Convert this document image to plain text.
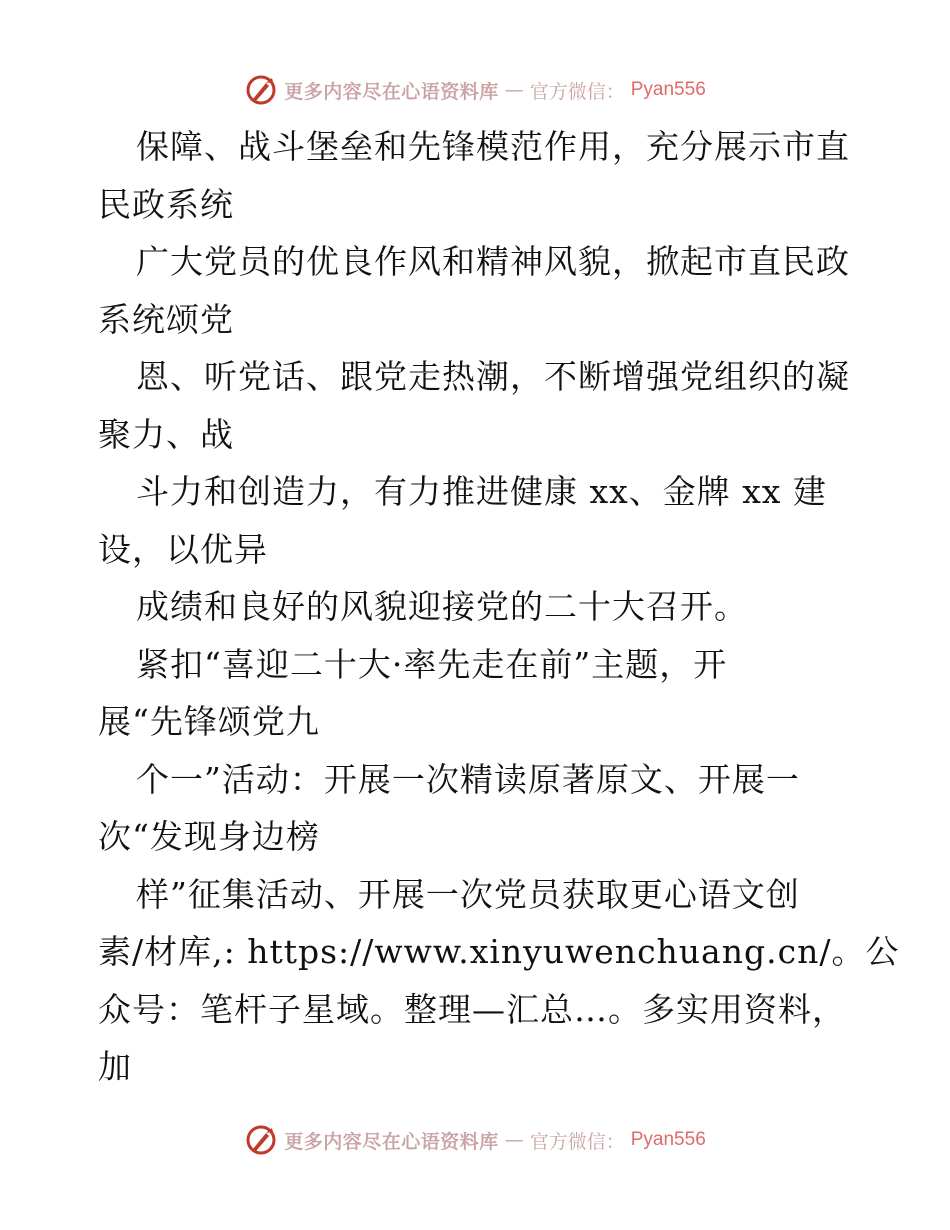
更多内容尽在心语资料库 — 官方微信： Pyan556
保障、战斗堡垒和先锋模范作用，充分展示市直
民政系统
广大党员的优良作风和精神风貌，掀起市直民政
系统颂党
恩、听党话、跟党走热潮，不断增强党组织的凝
聚力、战
斗力和创造力，有力推进健康 xx、金牌 xx 建
设，以优异
成绩和良好的风貌迎接党的二十大召开。
紧扣“喜迎二十大·率先走在前”主题，开
展“先锋颂党九
个一”活动：开展一次精读原著原文、开展一
次“发现身边榜
样”征集活动、开展一次党员获取更心语文创
素/材库,: https://www.xinyuwenchuang.cn/。公
众号：笔杆子星域。整理—汇总…。多实用资料，
加
更多内容尽在心语资料库 — 官方微信： Pyan556
